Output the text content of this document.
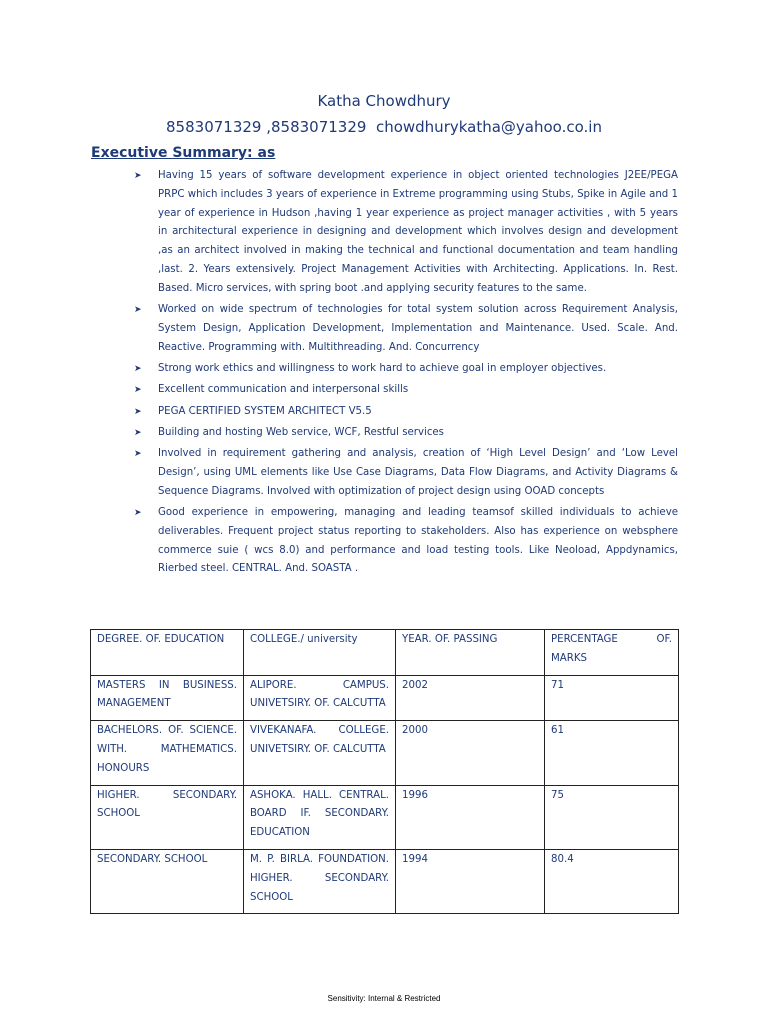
Katha Chowdhury
8583071329 ,8583071329  chowdhurykatha@yahoo.co.in
Executive Summary: as
➤ Having 15 years of software development experience in object oriented technologies J2EE/PEGA PRPC which includes 3 years of experience in Extreme programming using Stubs, Spike in Agile and 1 year of experience in Hudson ,having 1 year experience as project manager activities , with 5 years in architectural experience in designing and development which involves design and development ,as an architect involved in making the technical and functional documentation and team handling ,last. 2. Years extensively. Project Management Activities with Architecting. Applications. In. Rest. Based. Micro services, with spring boot .and applying security features to the same.
➤ Worked on wide spectrum of technologies for total system solution across Requirement Analysis, System Design, Application Development, Implementation and Maintenance. Used. Scale. And. Reactive. Programming with. Multithreading. And. Concurrency
➤ Strong work ethics and willingness to work hard to achieve goal in employer objectives.
➤ Excellent communication and interpersonal skills
➤ PEGA CERTIFIED SYSTEM ARCHITECT V5.5
➤ Building and hosting Web service, WCF, Restful services
➤ Involved in requirement gathering and analysis, creation of ‘High Level Design’ and ‘Low Level Design’, using UML elements like Use Case Diagrams, Data Flow Diagrams, and Activity Diagrams & Sequence Diagrams. Involved with optimization of project design using OOAD concepts
➤ Good experience in empowering, managing and leading teamsof skilled individuals to achieve deliverables. Frequent project status reporting to stakeholders. Also has experience on websphere commerce suie ( wcs 8.0) and performance and load testing tools. Like Neoload, Appdynamics, Rierbed steel. CENTRAL. And. SOASTA .
DEGREE. OF. EDUCATION	COLLEGE./ university	YEAR. OF. PASSING	PERCENTAGE OF. MARKS
MASTERS IN BUSINESS. MANAGEMENT	ALIPORE. CAMPUS. UNIVETSIRY. OF. CALCUTTA	2002	71
BACHELORS. OF. SCIENCE. WITH. MATHEMATICS. HONOURS	VIVEKANAFA. COLLEGE. UNIVETSIRY. OF. CALCUTTA	2000	61
HIGHER. SECONDARY. SCHOOL	ASHOKA. HALL. CENTRAL. BOARD IF. SECONDARY. EDUCATION	1996	75
SECONDARY. SCHOOL	M. P. BIRLA. FOUNDATION. HIGHER. SECONDARY. SCHOOL	1994	80.4
Sensitivity: Internal & Restricted
